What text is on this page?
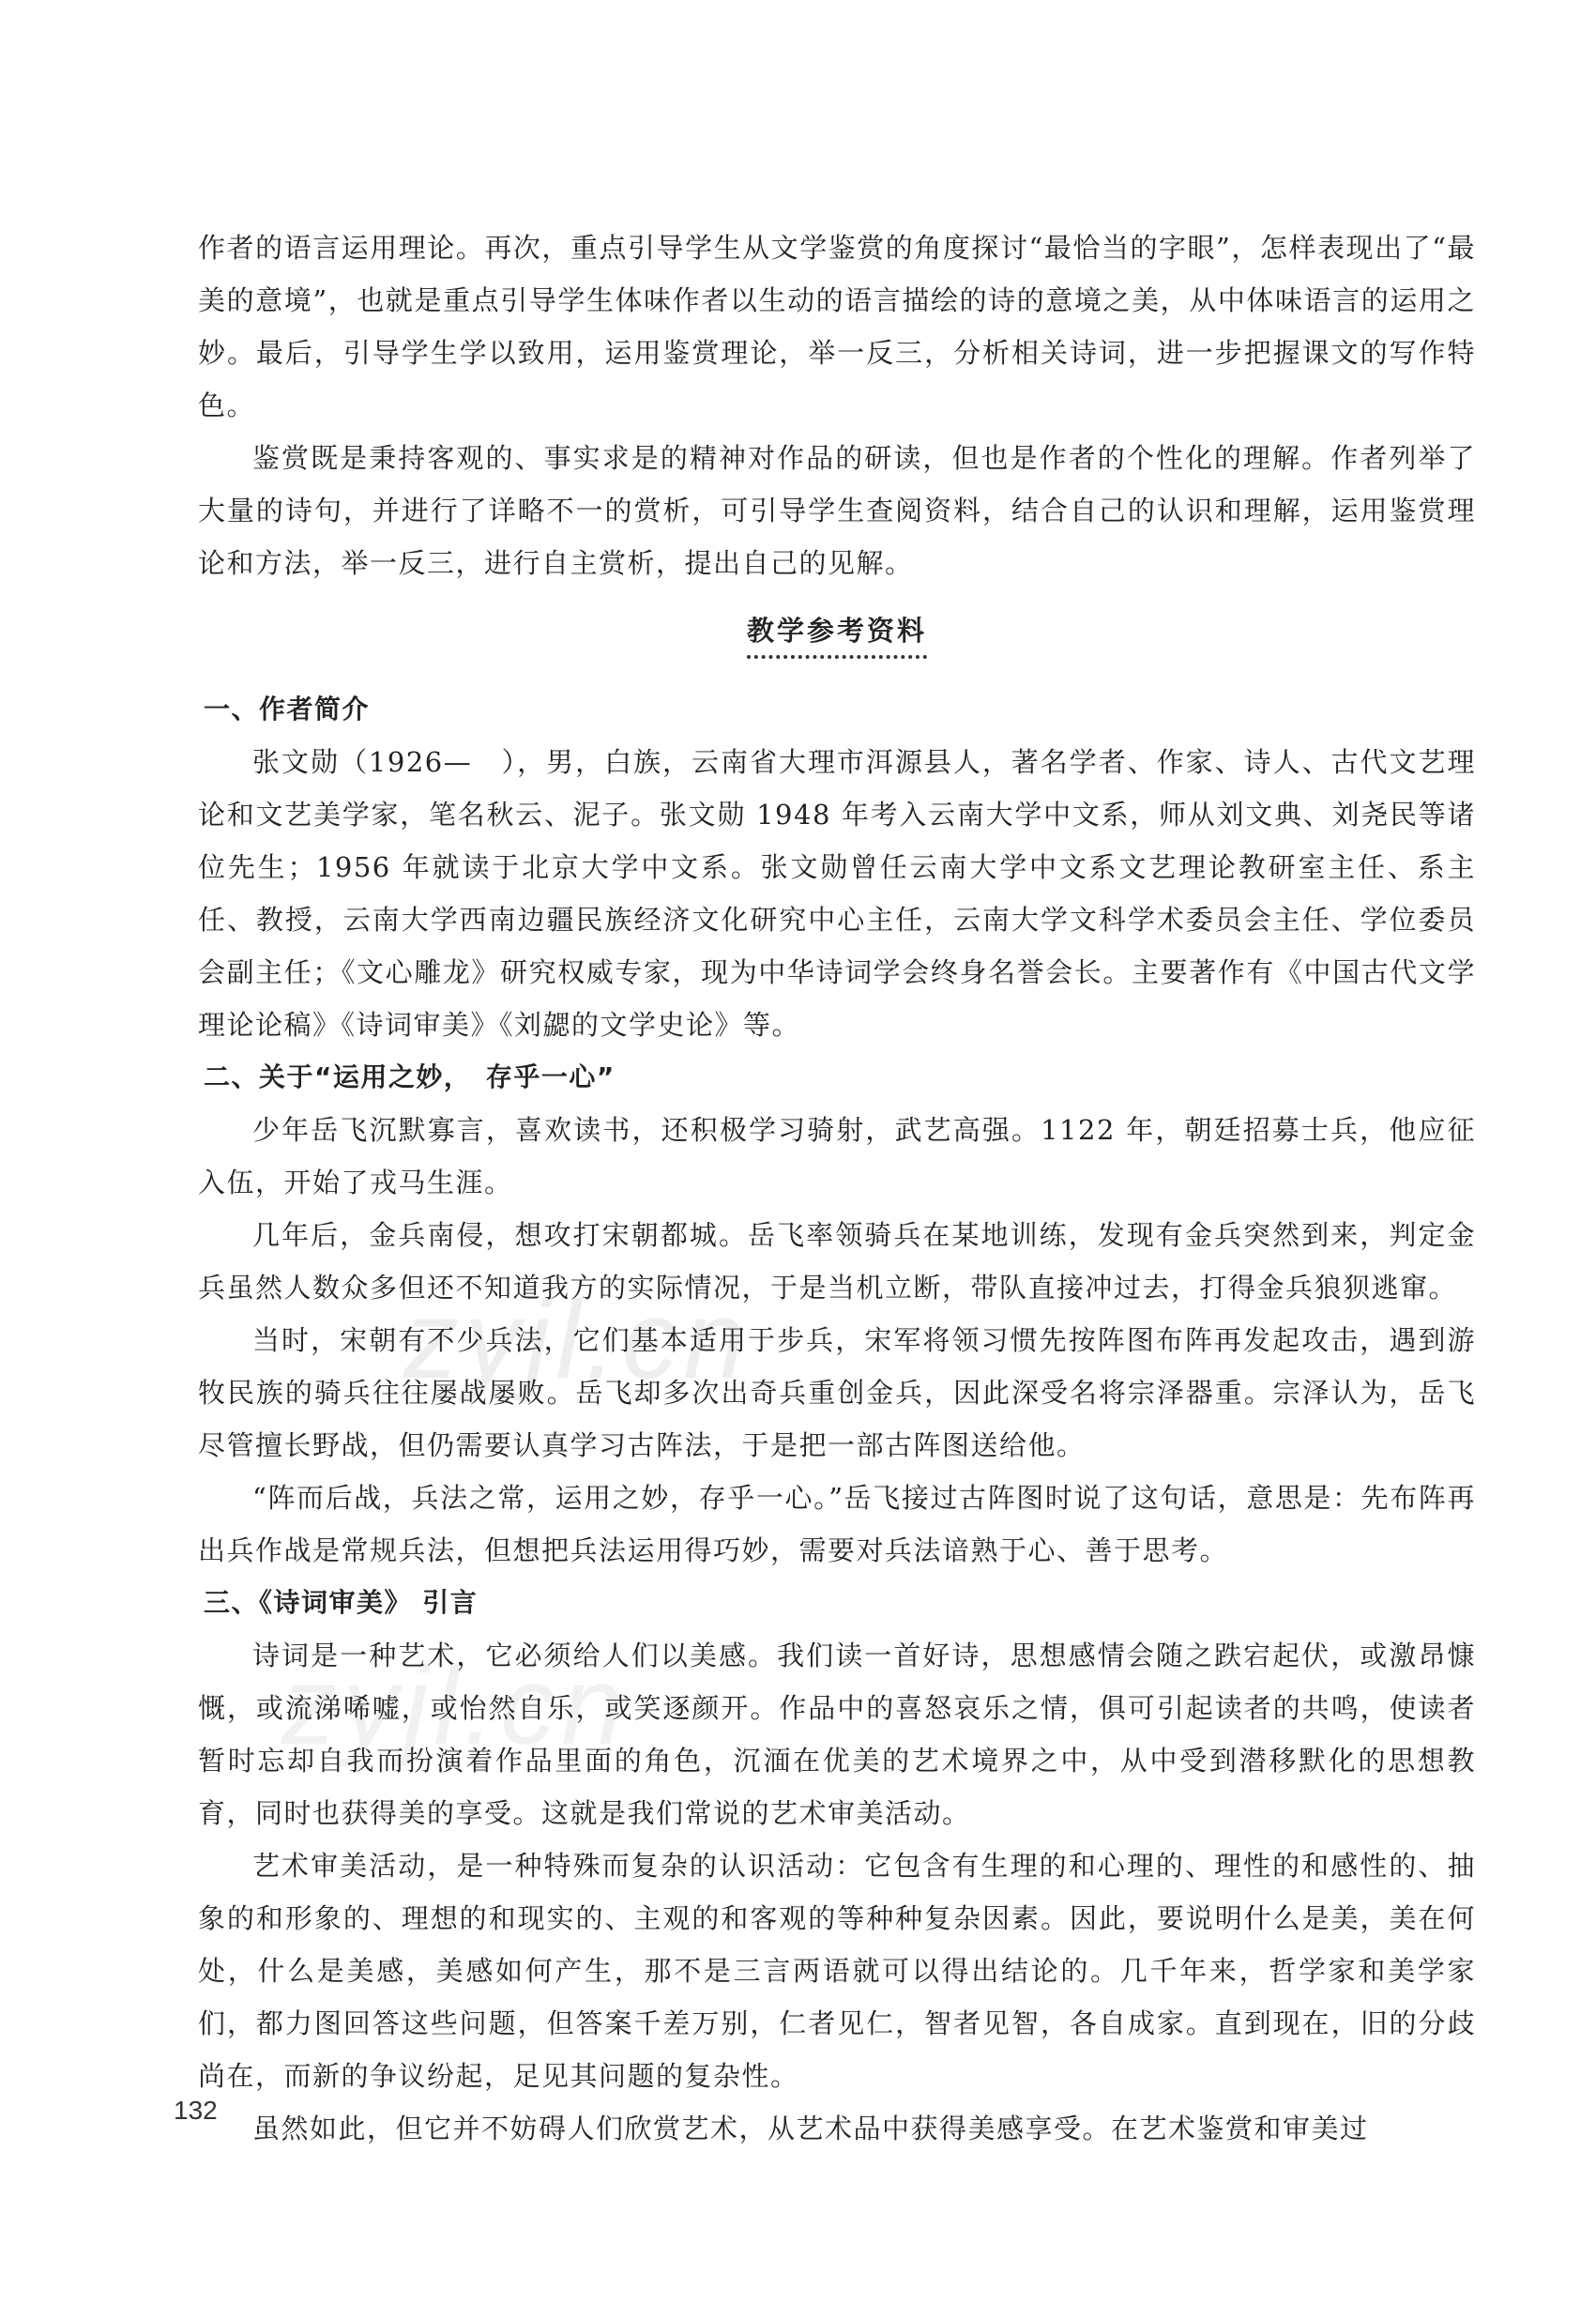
zyjl.cn
zyjl.cn

作者的语言运用理论。再次，重点引导学生从文学鉴赏的角度探讨“最恰当的字眼”，怎样表现出了“最美的意境”，也就是重点引导学生体味作者以生动的语言描绘的诗的意境之美，从中体味语言的运用之妙。最后，引导学生学以致用，运用鉴赏理论，举一反三，分析相关诗词，进一步把握课文的写作特色。

鉴赏既是秉持客观的、事实求是的精神对作品的研读，但也是作者的个性化的理解。作者列举了大量的诗句，并进行了详略不一的赏析，可引导学生查阅资料，结合自己的认识和理解，运用鉴赏理论和方法，举一反三，进行自主赏析，提出自己的见解。

教学参考资料
一、作者简介

张文勋（1926—　），男，白族，云南省大理市洱源县人，著名学者、作家、诗人、古代文艺理论和文艺美学家，笔名秋云、泥子。张文勋 1948 年考入云南大学中文系，师从刘文典、刘尧民等诸位先生；1956 年就读于北京大学中文系。张文勋曾任云南大学中文系文艺理论教研室主任、系主任、教授，云南大学西南边疆民族经济文化研究中心主任，云南大学文科学术委员会主任、学位委员会副主任；《文心雕龙》研究权威专家，现为中华诗词学会终身名誉会长。主要著作有《中国古代文学理论论稿》《诗词审美》《刘勰的文学史论》等。

二、关于“运用之妙，　存乎一心”

少年岳飞沉默寡言，喜欢读书，还积极学习骑射，武艺高强。1122 年，朝廷招募士兵，他应征入伍，开始了戎马生涯。

几年后，金兵南侵，想攻打宋朝都城。岳飞率领骑兵在某地训练，发现有金兵突然到来，判定金兵虽然人数众多但还不知道我方的实际情况，于是当机立断，带队直接冲过去，打得金兵狼狈逃窜。

当时，宋朝有不少兵法，它们基本适用于步兵，宋军将领习惯先按阵图布阵再发起攻击，遇到游牧民族的骑兵往往屡战屡败。岳飞却多次出奇兵重创金兵，因此深受名将宗泽器重。宗泽认为，岳飞尽管擅长野战，但仍需要认真学习古阵法，于是把一部古阵图送给他。

“阵而后战，兵法之常，运用之妙，存乎一心。”岳飞接过古阵图时说了这句话，意思是：先布阵再出兵作战是常规兵法，但想把兵法运用得巧妙，需要对兵法谙熟于心、善于思考。

三、《诗词审美》 引言

诗词是一种艺术，它必须给人们以美感。我们读一首好诗，思想感情会随之跌宕起伏，或激昂慷慨，或流涕唏嘘，或怡然自乐，或笑逐颜开。作品中的喜怒哀乐之情，俱可引起读者的共鸣，使读者暂时忘却自我而扮演着作品里面的角色，沉湎在优美的艺术境界之中，从中受到潜移默化的思想教育，同时也获得美的享受。这就是我们常说的艺术审美活动。

艺术审美活动，是一种特殊而复杂的认识活动：它包含有生理的和心理的、理性的和感性的、抽象的和形象的、理想的和现实的、主观的和客观的等种种复杂因素。因此，要说明什么是美，美在何处，什么是美感，美感如何产生，那不是三言两语就可以得出结论的。几千年来，哲学家和美学家们，都力图回答这些问题，但答案千差万别，仁者见仁，智者见智，各自成家。直到现在，旧的分歧尚在，而新的争议纷起，足见其问题的复杂性。

虽然如此，但它并不妨碍人们欣赏艺术，从艺术品中获得美感享受。在艺术鉴赏和审美过

132
